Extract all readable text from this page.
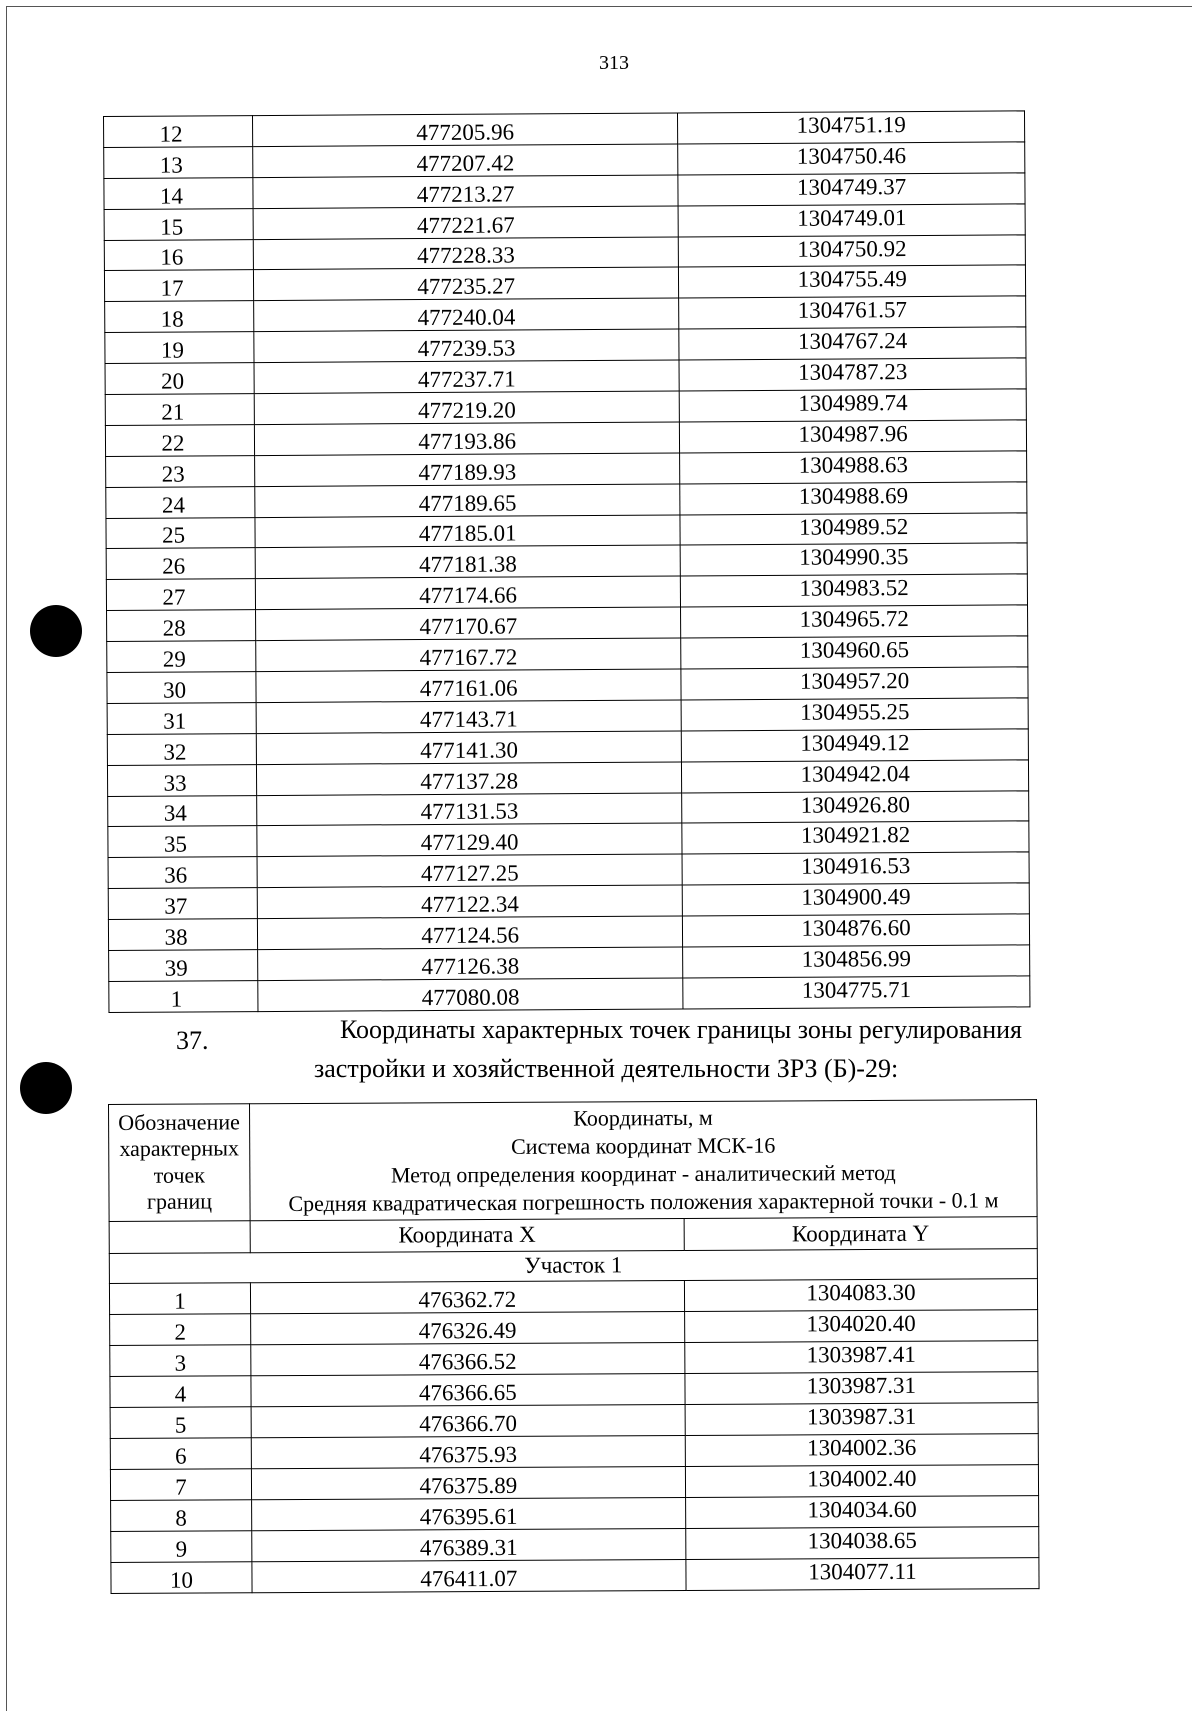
313
12	477205.96	1304751.19
13	477207.42	1304750.46
14	477213.27	1304749.37
15	477221.67	1304749.01
16	477228.33	1304750.92
17	477235.27	1304755.49
18	477240.04	1304761.57
19	477239.53	1304767.24
20	477237.71	1304787.23
21	477219.20	1304989.74
22	477193.86	1304987.96
23	477189.93	1304988.63
24	477189.65	1304988.69
25	477185.01	1304989.52
26	477181.38	1304990.35
27	477174.66	1304983.52
28	477170.67	1304965.72
29	477167.72	1304960.65
30	477161.06	1304957.20
31	477143.71	1304955.25
32	477141.30	1304949.12
33	477137.28	1304942.04
34	477131.53	1304926.80
35	477129.40	1304921.82
36	477127.25	1304916.53
37	477122.34	1304900.49
38	477124.56	1304876.60
39	477126.38	1304856.99
1	477080.08	1304775.71
37.	Координаты характерных точек границы зоны регулирования
застройки и хозяйственной деятельности ЗРЗ (Б)-29:
Обозначение
характерных
точек
границ	Координаты, м
Система координат МСК-16
Метод определения координат - аналитический метод
Средняя квадратическая погрешность положения характерной точки - 0.1 м	

	Координата X	Координата Y
Участок 1		
1	476362.72	1304083.30
2	476326.49	1304020.40
3	476366.52	1303987.41
4	476366.65	1303987.31
5	476366.70	1303987.31
6	476375.93	1304002.36
7	476375.89	1304002.40
8	476395.61	1304034.60
9	476389.31	1304038.65
10	476411.07	1304077.11
